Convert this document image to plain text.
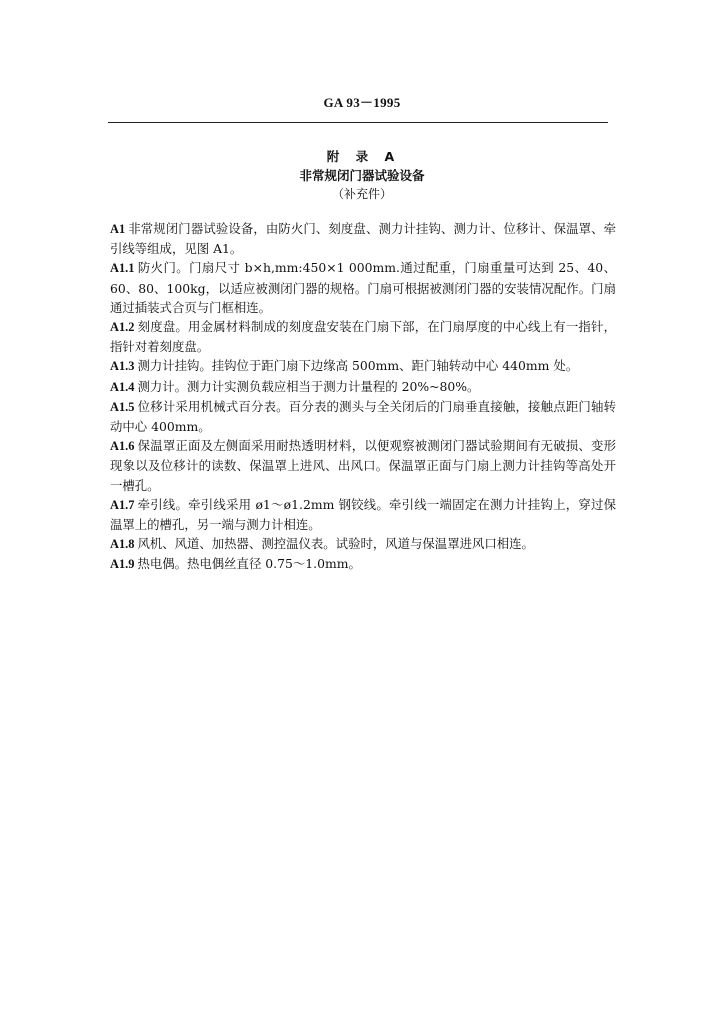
GA 93－1995
附 录 A
非常规闭门器试验设备
（补充件）

A1 非常规闭门器试验设备，由防火门、刻度盘、测力计挂钩、测力计、位移计、保温罩、牵引线等组成，见图 A1。

A1.1 防火门。门扇尺寸 b×h,mm:450×1 000mm.通过配重，门扇重量可达到 25、40、60、80、100kg，以适应被测闭门器的规格。门扇可根据被测闭门器的安装情况配作。门扇通过插装式合页与门框相连。

A1.2 刻度盘。用金属材料制成的刻度盘安装在门扇下部，在门扇厚度的中心线上有一指针，指针对着刻度盘。

A1.3 测力计挂钩。挂钩位于距门扇下边缘高 500mm、距门轴转动中心 440mm 处。

A1.4 测力计。测力计实测负载应相当于测力计量程的 20%~80%。

A1.5 位移计采用机械式百分表。百分表的测头与全关闭后的门扇垂直接触，接触点距门轴转动中心 400mm。

A1.6 保温罩正面及左侧面采用耐热透明材料，以便观察被测闭门器试验期间有无破损、变形现象以及位移计的读数、保温罩上进风、出风口。保温罩正面与门扇上测力计挂钩等高处开一槽孔。

A1.7 牵引线。牵引线采用 ø1～ø1.2mm 钢铰线。牵引线一端固定在测力计挂钩上，穿过保温罩上的槽孔，另一端与测力计相连。

A1.8 风机、风道、加热器、测控温仪表。试验时，风道与保温罩进风口相连。

A1.9 热电偶。热电偶丝直径 0.75～1.0mm。
